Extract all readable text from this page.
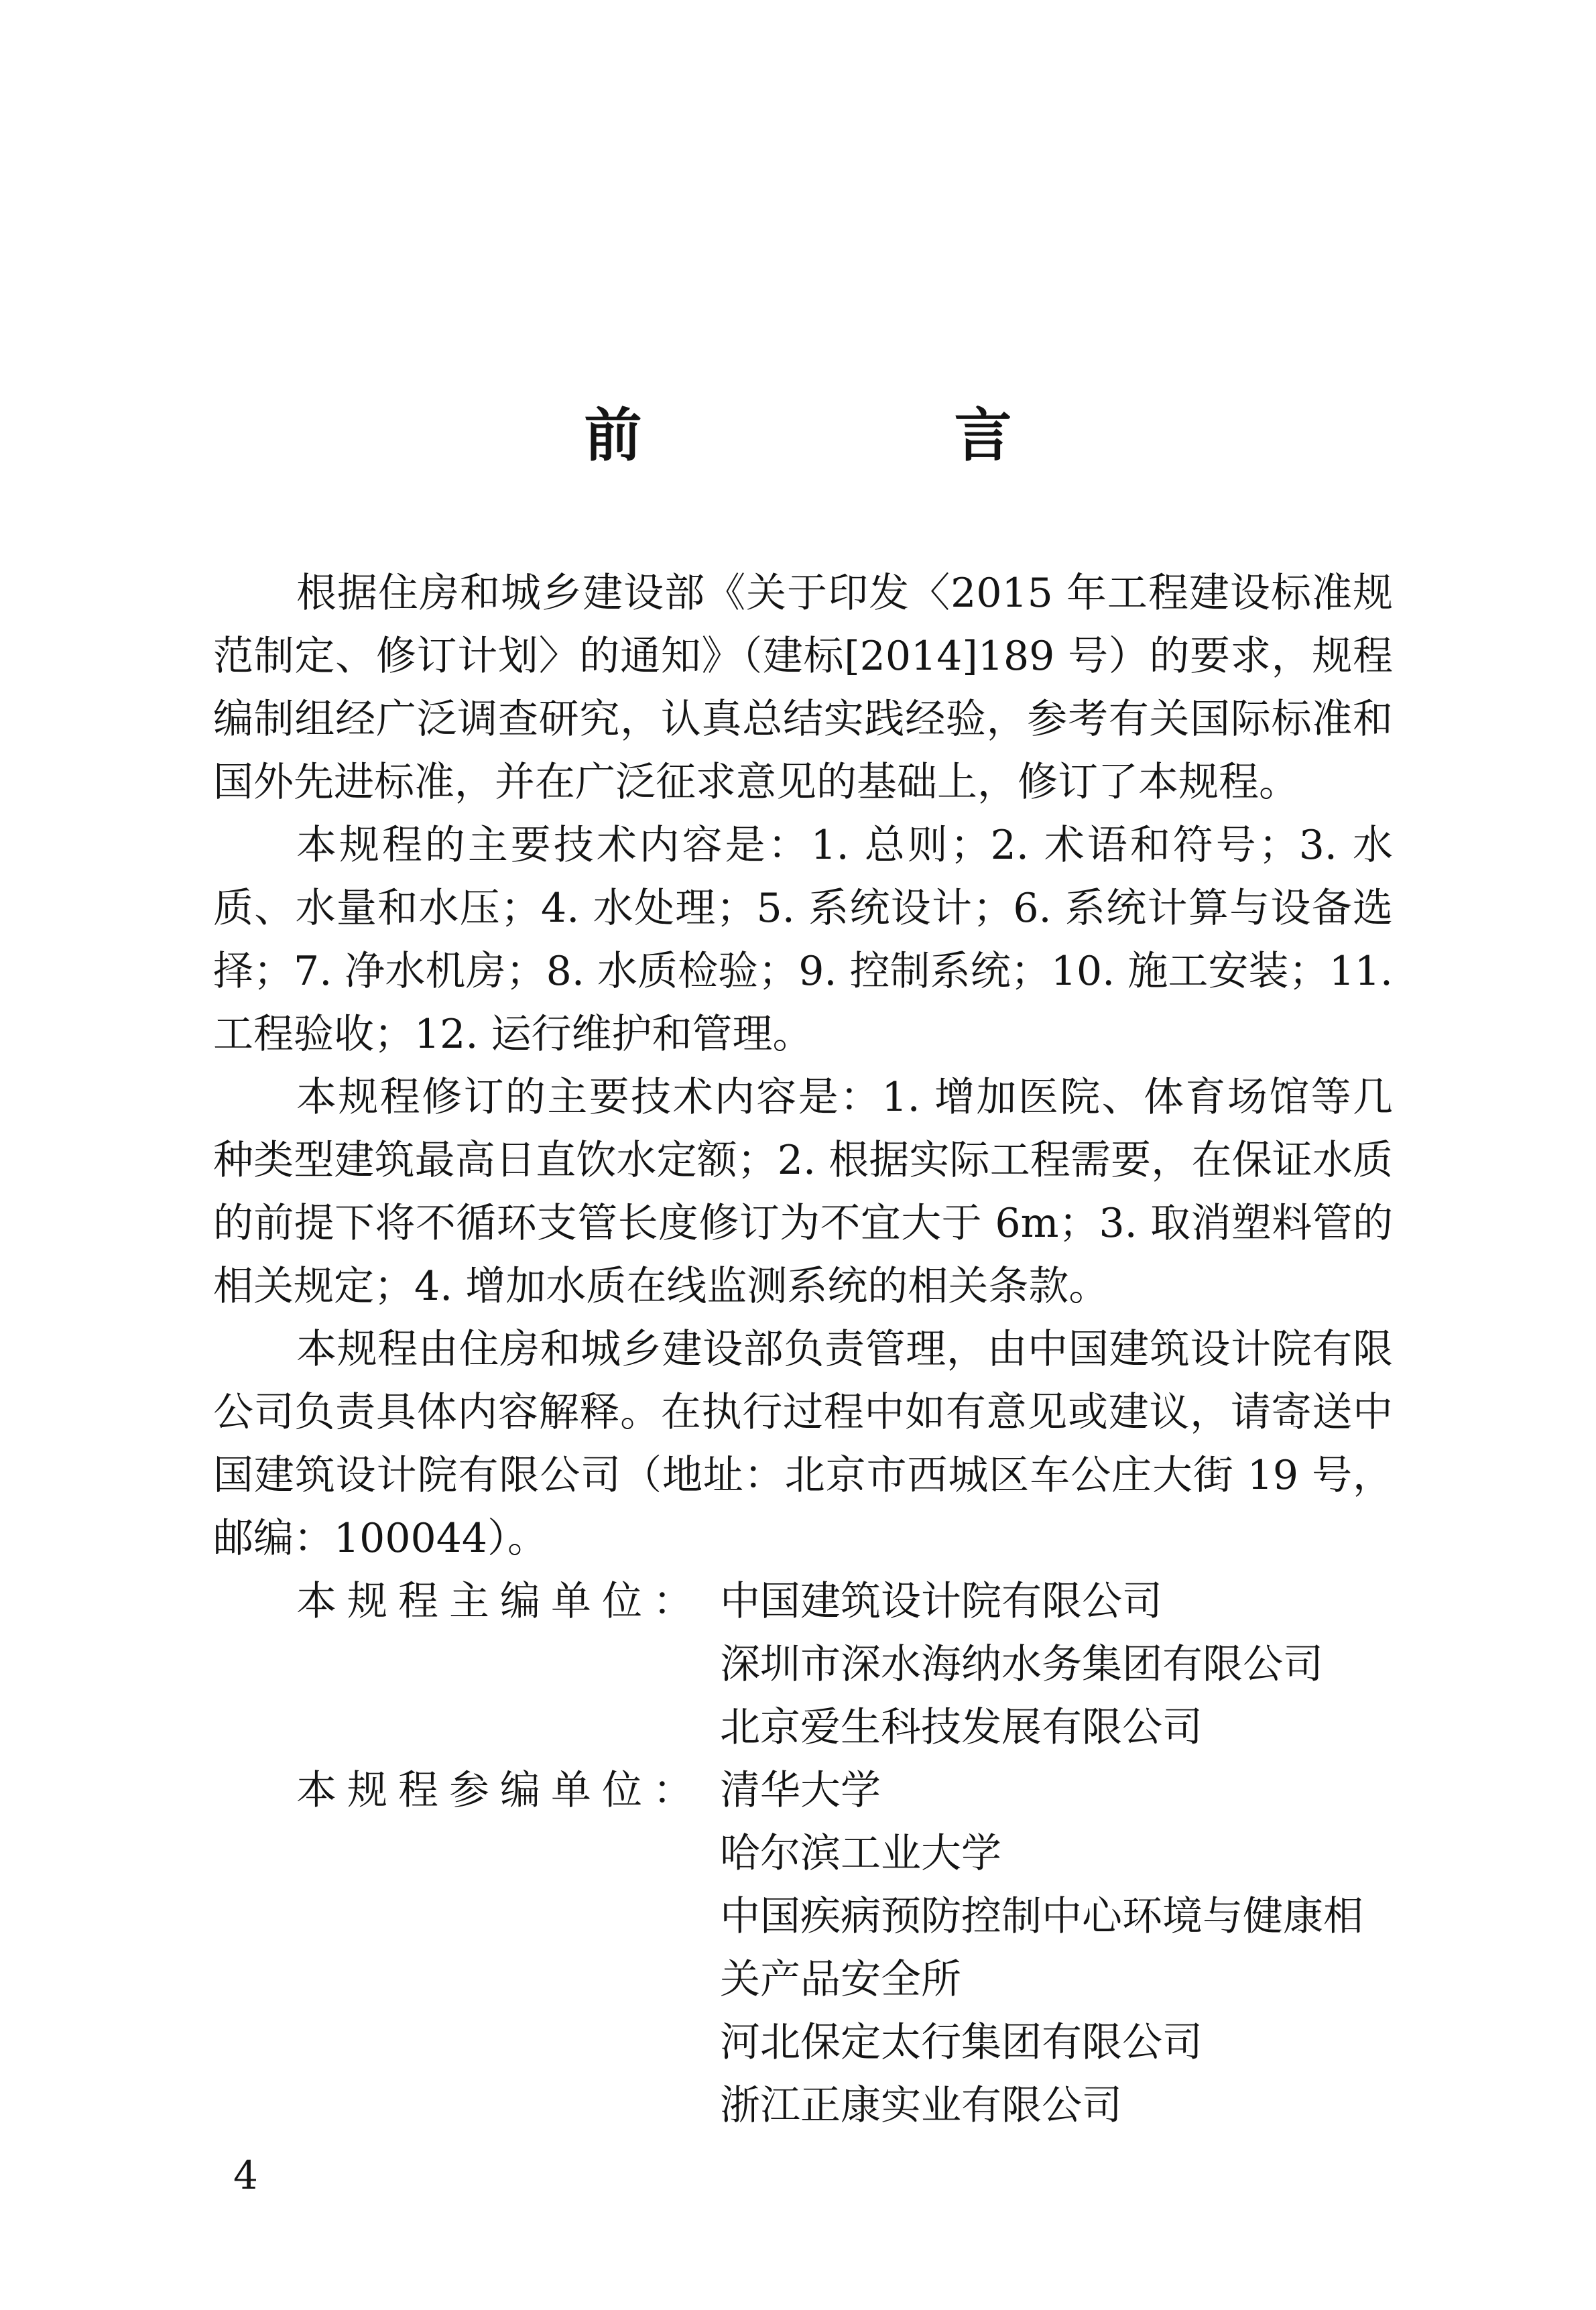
前　言

根据住房和城乡建设部《关于印发〈2015 年工程建设标准规范制定、修订计划〉的通知》（建标[2014]189 号）的要求，规程编制组经广泛调查研究，认真总结实践经验，参考有关国际标准和国外先进标准，并在广泛征求意见的基础上，修订了本规程。

本规程的主要技术内容是：1. 总则；2. 术语和符号；3. 水质、水量和水压；4. 水处理；5. 系统设计；6. 系统计算与设备选择；7. 净水机房；8. 水质检验；9. 控制系统；10. 施工安装；11. 工程验收；12. 运行维护和管理。

本规程修订的主要技术内容是：1. 增加医院、体育场馆等几种类型建筑最高日直饮水定额；2. 根据实际工程需要，在保证水质的前提下将不循环支管长度修订为不宜大于 6m；3. 取消塑料管的相关规定；4. 增加水质在线监测系统的相关条款。

本规程由住房和城乡建设部负责管理，由中国建筑设计院有限公司负责具体内容解释。在执行过程中如有意见或建议，请寄送中国建筑设计院有限公司（地址：北京市西城区车公庄大街 19 号，邮编：100044）。

本规程主编单位： 中国建筑设计院有限公司
深圳市深水海纳水务集团有限公司
北京爱生科技发展有限公司
本规程参编单位： 清华大学
哈尔滨工业大学
中国疾病预防控制中心环境与健康相
关产品安全所
河北保定太行集团有限公司
浙江正康实业有限公司
4
